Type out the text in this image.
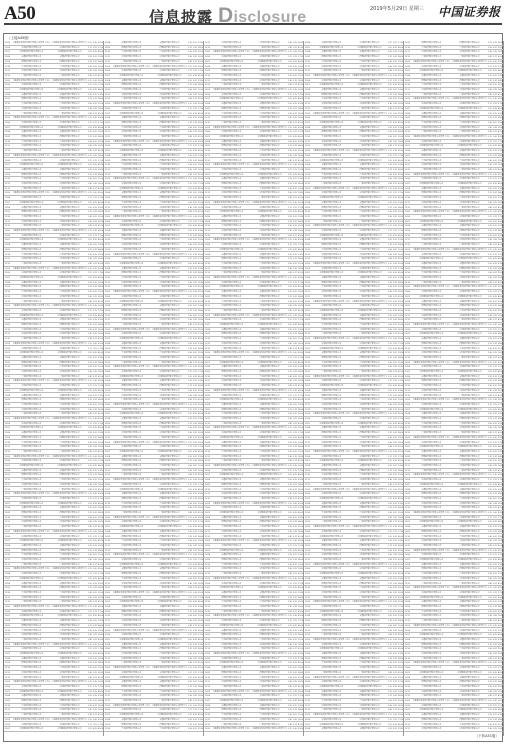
A50	信息披露 Disclosure	2019年5月29日 星期三 中国证券报
（上接A49版）
1205	上海浦东发展银行股份有限公司信用卡中心 上海浦东发展银行股份有限公司信用卡中心
2.1 5.5 59.0
1206	中国银行股份有限公司	中国银行股份有限公司	1.1 3.7 17.0
1207	中国建设银行股份有限公司	中国建设银行股份有限公司	3.1 4.9 45.0
1208	交通银行股份有限公司	交通银行股份有限公司	2.3 6.1 23.5
1209	招商银行股份有限公司	招商银行股份有限公司	1.9 5.2 38.0
1210	兴业银行股份有限公司	兴业银行股份有限公司	2.6 4.1 29.0
1211	中信银行股份有限公司	中信银行股份有限公司	1.4 3.9 16.5
1212	广发银行股份有限公司	广发银行股份有限公司	2.8 5.7 41.0
1205	上海浦东发展银行股份有限公司信用卡中心 上海浦东发展银行股份有限公司信用卡中心
2.1 5.5 59.0
1206	中国银行股份有限公司	中国银行股份有限公司	1.1 3.7 17.0
1207	中国建设银行股份有限公司	中国建设银行股份有限公司	3.1 4.9 45.0
1208	交通银行股份有限公司	交通银行股份有限公司	2.3 6.1 23.5
1209	招商银行股份有限公司	招商银行股份有限公司	1.9 5.2 38.0
1210	兴业银行股份有限公司	兴业银行股份有限公司	2.6 4.1 29.0
1211	中信银行股份有限公司	中信银行股份有限公司	1.4 3.9 16.5
1212	广发银行股份有限公司	广发银行股份有限公司	2.8 5.7 41.0
1205	上海浦东发展银行股份有限公司信用卡中心 上海浦东发展银行股份有限公司信用卡中心
2.1 5.5 59.0
1206	中国银行股份有限公司	中国银行股份有限公司	1.1 3.7 17.0
1207	中国建设银行股份有限公司	中国建设银行股份有限公司	3.1 4.9 45.0
1208	交通银行股份有限公司	交通银行股份有限公司	2.3 6.1 23.5
1209	招商银行股份有限公司	招商银行股份有限公司	1.9 5.2 38.0
1210	兴业银行股份有限公司	兴业银行股份有限公司	2.6 4.1 29.0
1211	中信银行股份有限公司	中信银行股份有限公司	1.4 3.9 16.5
1212	广发银行股份有限公司	广发银行股份有限公司	2.8 5.7 41.0
1205	上海浦东发展银行股份有限公司信用卡中心 上海浦东发展银行股份有限公司信用卡中心
2.1 5.5 59.0
1206	中国银行股份有限公司	中国银行股份有限公司	1.1 3.7 17.0
1207	中国建设银行股份有限公司	中国建设银行股份有限公司	3.1 4.9 45.0
1208	交通银行股份有限公司	交通银行股份有限公司	2.3 6.1 23.5
1209	招商银行股份有限公司	招商银行股份有限公司	1.9 5.2 38.0
1210	兴业银行股份有限公司	兴业银行股份有限公司	2.6 4.1 29.0
1211	中信银行股份有限公司	中信银行股份有限公司	1.4 3.9 16.5
1212	广发银行股份有限公司	广发银行股份有限公司	2.8 5.7 41.0
1205	上海浦东发展银行股份有限公司信用卡中心 上海浦东发展银行股份有限公司信用卡中心
2.1 5.5 59.0
1206	中国银行股份有限公司	中国银行股份有限公司	1.1 3.7 17.0
1207	中国建设银行股份有限公司	中国建设银行股份有限公司	3.1 4.9 45.0
1208	交通银行股份有限公司	交通银行股份有限公司	2.3 6.1 23.5
1209	招商银行股份有限公司	招商银行股份有限公司	1.9 5.2 38.0
1210	兴业银行股份有限公司	兴业银行股份有限公司	2.6 4.1 29.0
1211	中信银行股份有限公司	中信银行股份有限公司	1.4 3.9 16.5
1212	广发银行股份有限公司	广发银行股份有限公司	2.8 5.7 41.0
1205	上海浦东发展银行股份有限公司信用卡中心 上海浦东发展银行股份有限公司信用卡中心
2.1 5.5 59.0
1206	中国银行股份有限公司	中国银行股份有限公司	1.1 3.7 17.0
1207	中国建设银行股份有限公司	中国建设银行股份有限公司	3.1 4.9 45.0
1208	交通银行股份有限公司	交通银行股份有限公司	2.3 6.1 23.5
1209	招商银行股份有限公司	招商银行股份有限公司	1.9 5.2 38.0
1210	兴业银行股份有限公司	兴业银行股份有限公司	2.6 4.1 29.0
1211	中信银行股份有限公司	中信银行股份有限公司	1.4 3.9 16.5
1212	广发银行股份有限公司	广发银行股份有限公司	2.8 5.7 41.0
1205	上海浦东发展银行股份有限公司信用卡中心 上海浦东发展银行股份有限公司信用卡中心
2.1 5.5 59.0
1206	中国银行股份有限公司	中国银行股份有限公司	1.1 3.7 17.0
1207	中国建设银行股份有限公司	中国建设银行股份有限公司	3.1 4.9 45.0
1208	交通银行股份有限公司	交通银行股份有限公司	2.3 6.1 23.5
1209	招商银行股份有限公司	招商银行股份有限公司	1.9 5.2 38.0
1210	兴业银行股份有限公司	兴业银行股份有限公司	2.6 4.1 29.0
1211	中信银行股份有限公司	中信银行股份有限公司	1.4 3.9 16.5
1212	广发银行股份有限公司	广发银行股份有限公司	2.8 5.7 41.0
1205	上海浦东发展银行股份有限公司信用卡中心 上海浦东发展银行股份有限公司信用卡中心
2.1 5.5 59.0
1206	中国银行股份有限公司	中国银行股份有限公司	1.1 3.7 17.0
1207	中国建设银行股份有限公司	中国建设银行股份有限公司	3.1 4.9 45.0
1208	交通银行股份有限公司	交通银行股份有限公司	2.3 6.1 23.5
1209	招商银行股份有限公司	招商银行股份有限公司	1.9 5.2 38.0
1210	兴业银行股份有限公司	兴业银行股份有限公司	2.6 4.1 29.0
1211	中信银行股份有限公司	中信银行股份有限公司	1.4 3.9 16.5
1212	广发银行股份有限公司	广发银行股份有限公司	2.8 5.7 41.0
1205	上海浦东发展银行股份有限公司信用卡中心 上海浦东发展银行股份有限公司信用卡中心
2.1 5.5 59.0
1206	中国银行股份有限公司	中国银行股份有限公司	1.1 3.7 17.0
1207	中国建设银行股份有限公司	中国建设银行股份有限公司	3.1 4.9 45.0
1208	交通银行股份有限公司	交通银行股份有限公司	2.3 6.1 23.5
1209	招商银行股份有限公司	招商银行股份有限公司	1.9 5.2 38.0
1210	兴业银行股份有限公司	兴业银行股份有限公司	2.6 4.1 29.0
1211	中信银行股份有限公司	中信银行股份有限公司	1.4 3.9 16.5
1212	广发银行股份有限公司	广发银行股份有限公司	2.8 5.7 41.0
1205	上海浦东发展银行股份有限公司信用卡中心 上海浦东发展银行股份有限公司信用卡中心
2.1 5.5 59.0
1206	中国银行股份有限公司	中国银行股份有限公司	1.1 3.7 17.0
1207	中国建设银行股份有限公司	中国建设银行股份有限公司	3.1 4.9 45.0
1208	交通银行股份有限公司	交通银行股份有限公司	2.3 6.1 23.5
1209	招商银行股份有限公司	招商银行股份有限公司	1.9 5.2 38.0
1210	兴业银行股份有限公司	兴业银行股份有限公司	2.6 4.1 29.0
1211	中信银行股份有限公司	中信银行股份有限公司	1.4 3.9 16.5
1212	广发银行股份有限公司	广发银行股份有限公司	2.8 5.7 41.0
1205	上海浦东发展银行股份有限公司信用卡中心 上海浦东发展银行股份有限公司信用卡中心
2.1 5.5 59.0
1206	中国银行股份有限公司	中国银行股份有限公司	1.1 3.7 17.0
1207	中国建设银行股份有限公司	中国建设银行股份有限公司	3.1 4.9 45.0
1208	交通银行股份有限公司	交通银行股份有限公司	2.3 6.1 23.5
1209	招商银行股份有限公司	招商银行股份有限公司	1.9 5.2 38.0
1210	兴业银行股份有限公司	兴业银行股份有限公司	2.6 4.1 29.0
1211	中信银行股份有限公司	中信银行股份有限公司	1.4 3.9 16.5
1212	广发银行股份有限公司	广发银行股份有限公司	2.8 5.7 41.0
1205	上海浦东发展银行股份有限公司信用卡中心 上海浦东发展银行股份有限公司信用卡中心
2.1 5.5 59.0
1206	中国银行股份有限公司	中国银行股份有限公司	1.1 3.7 17.0
1207	中国建设银行股份有限公司	中国建设银行股份有限公司	3.1 4.9 45.0
1208	交通银行股份有限公司	交通银行股份有限公司	2.3 6.1 23.5
1209	招商银行股份有限公司	招商银行股份有限公司	1.9 5.2 38.0
1210	兴业银行股份有限公司	兴业银行股份有限公司	2.6 4.1 29.0
1211	中信银行股份有限公司	中信银行股份有限公司	1.4 3.9 16.5
1212	广发银行股份有限公司	广发银行股份有限公司	2.8 5.7 41.0
1205	上海浦东发展银行股份有限公司信用卡中心 上海浦东发展银行股份有限公司信用卡中心
2.1 5.5 59.0
1206	中国银行股份有限公司	中国银行股份有限公司	1.1 3.7 17.0
1207	中国建设银行股份有限公司	中国建设银行股份有限公司	3.1 4.9 45.0
1208	交通银行股份有限公司	交通银行股份有限公司	2.3 6.1 23.5
1209	招商银行股份有限公司	招商银行股份有限公司	1.9 5.2 38.0
1210	兴业银行股份有限公司	兴业银行股份有限公司	2.6 4.1 29.0
1211	中信银行股份有限公司	中信银行股份有限公司	1.4 3.9 16.5
1212	广发银行股份有限公司	广发银行股份有限公司	2.8 5.7 41.0
1205	上海浦东发展银行股份有限公司信用卡中心 上海浦东发展银行股份有限公司信用卡中心
2.1 5.5 59.0
1206	中国银行股份有限公司	中国银行股份有限公司	1.1 3.7 17.0
1207	中国建设银行股份有限公司	中国建设银行股份有限公司	3.1 4.9 45.0
1208	交通银行股份有限公司	交通银行股份有限公司	2.3 6.1 23.5
1209	招商银行股份有限公司	招商银行股份有限公司	1.9 5.2 38.0
1210	兴业银行股份有限公司	兴业银行股份有限公司	2.6 4.1 29.0
1211	中信银行股份有限公司	中信银行股份有限公司	1.4 3.9 16.5
1212	广发银行股份有限公司	广发银行股份有限公司	2.8 5.7 41.0
1205	上海浦东发展银行股份有限公司信用卡中心 上海浦东发展银行股份有限公司信用卡中心
2.1 5.5 59.0
1206	中国银行股份有限公司	中国银行股份有限公司	1.1 3.7 17.0
1207	中国建设银行股份有限公司	中国建设银行股份有限公司	3.1 4.9 45.0
1208	交通银行股份有限公司	交通银行股份有限公司	2.3 6.1 23.5
1209	招商银行股份有限公司	招商银行股份有限公司	1.9 5.2 38.0
1210	兴业银行股份有限公司	兴业银行股份有限公司	2.6 4.1 29.0
1211	中信银行股份有限公司	中信银行股份有限公司	1.4 3.9 16.5
1212	广发银行股份有限公司	广发银行股份有限公司	2.8 5.7 41.0
1205	上海浦东发展银行股份有限公司信用卡中心 上海浦东发展银行股份有限公司信用卡中心
2.1 5.5 59.0
1206	中国银行股份有限公司	中国银行股份有限公司	1.1 3.7 17.0
1207	中国建设银行股份有限公司	中国建设银行股份有限公司	3.1 4.9 45.0
1208	交通银行股份有限公司	交通银行股份有限公司	2.3 6.1 23.5
1209	招商银行股份有限公司	招商银行股份有限公司	1.9 5.2 38.0
1210	兴业银行股份有限公司	兴业银行股份有限公司	2.6 4.1 29.0
1211	中信银行股份有限公司	中信银行股份有限公司	1.4 3.9 16.5
1212	广发银行股份有限公司	广发银行股份有限公司	2.8 5.7 41.0
1205	上海浦东发展银行股份有限公司信用卡中心 上海浦东发展银行股份有限公司信用卡中心
2.1 5.5 59.0
1206	中国银行股份有限公司	中国银行股份有限公司	1.1 3.7 17.0
1207	中国建设银行股份有限公司	中国建设银行股份有限公司	3.1 4.9 45.0
1208	交通银行股份有限公司	交通银行股份有限公司	2.3 6.1 23.5
1209	招商银行股份有限公司	招商银行股份有限公司	1.9 5.2 38.0
1210	兴业银行股份有限公司	兴业银行股份有限公司	2.6 4.1 29.0
1211	中信银行股份有限公司	中信银行股份有限公司	1.4 3.9 16.5
1212	广发银行股份有限公司	广发银行股份有限公司	2.8 5.7 41.0
1205	上海浦东发展银行股份有限公司信用卡中心 上海浦东发展银行股份有限公司信用卡中心
2.1 5.5 59.0
1206	中国银行股份有限公司	中国银行股份有限公司	1.1 3.7 17.0
1207	中国建设银行股份有限公司	中国建设银行股份有限公司	3.1 4.9 45.0
1208	交通银行股份有限公司	交通银行股份有限公司	2.3 6.1 23.5
1209	招商银行股份有限公司	招商银行股份有限公司	1.9 5.2 38.0
1210	兴业银行股份有限公司	兴业银行股份有限公司	2.6 4.1 29.0
1211	中信银行股份有限公司	中信银行股份有限公司	1.4 3.9 16.5
1212	广发银行股份有限公司	广发银行股份有限公司	2.8 5.7 41.0
1205	上海浦东发展银行股份有限公司信用卡中心 上海浦东发展银行股份有限公司信用卡中心
2.1 5.5 59.0
1206	中国银行股份有限公司	中国银行股份有限公司	1.1 3.7 17.0
1207	中国建设银行股份有限公司	中国建设银行股份有限公司	3.1 4.9 45.0
1208	交通银行股份有限公司	交通银行股份有限公司	2.3 6.1 23.5
1209	招商银行股份有限公司	招商银行股份有限公司	1.9 5.2 38.0
1210	兴业银行股份有限公司	兴业银行股份有限公司	2.6 4.1 29.0
1211	中信银行股份有限公司	中信银行股份有限公司	1.4 3.9 16.5
1212	广发银行股份有限公司	广发银行股份有限公司	2.8 5.7 41.0
1205	上海浦东发展银行股份有限公司信用卡中心 上海浦东发展银行股份有限公司信用卡中心
2.1 5.5 59.0
1206	中国银行股份有限公司	中国银行股份有限公司	1.1 3.7 17.0
1207	中国建设银行股份有限公司	中国建设银行股份有限公司	3.1 4.9 45.0
1208	交通银行股份有限公司	交通银行股份有限公司	2.3 6.1 23.5
1209	招商银行股份有限公司	招商银行股份有限公司	1.9 5.2 38.0
1210	兴业银行股份有限公司	兴业银行股份有限公司	2.6 4.1 29.0
1211	中信银行股份有限公司	中信银行股份有限公司	1.4 3.9 16.5
1212	广发银行股份有限公司	广发银行股份有限公司	2.8 5.7 41.0
1205	上海浦东发展银行股份有限公司信用卡中心 上海浦东发展银行股份有限公司信用卡中心
2.1 5.5 59.0
1206	中国银行股份有限公司	中国银行股份有限公司	1.1 3.7 17.0
1207	中国建设银行股份有限公司	中国建设银行股份有限公司	3.1 4.9 45.0
1208	交通银行股份有限公司	交通银行股份有限公司	2.3 6.1 23.5
1209	招商银行股份有限公司	招商银行股份有限公司	1.9 5.2 38.0
1210	兴业银行股份有限公司	兴业银行股份有限公司	2.6 4.1 29.0
1211	中信银行股份有限公司	中信银行股份有限公司	1.4 3.9 16.5
1212	广发银行股份有限公司	广发银行股份有限公司	2.8 5.7 41.0
1205	上海浦东发展银行股份有限公司信用卡中心 上海浦东发展银行股份有限公司信用卡中心
2.1 5.5 59.0
1206	中国银行股份有限公司	中国银行股份有限公司	1.1 3.7 17.0
1207	中国建设银行股份有限公司	中国建设银行股份有限公司	3.1 4.9 45.0
1208	交通银行股份有限公司	交通银行股份有限公司	2.3 6.1 23.5
1209	招商银行股份有限公司	招商银行股份有限公司	1.9 5.2 38.0
1210	兴业银行股份有限公司	兴业银行股份有限公司	2.6 4.1 29.0
1211	中信银行股份有限公司	中信银行股份有限公司	1.4 3.9 16.5
1212	广发银行股份有限公司	广发银行股份有限公司	2.8 5.7 41.0
1205	上海浦东发展银行股份有限公司信用卡中心 上海浦东发展银行股份有限公司信用卡中心
2.1 5.5 59.0
1206	中国银行股份有限公司	中国银行股份有限公司	1.1 3.7 17.0
1207	中国建设银行股份有限公司	中国建设银行股份有限公司	3.1 4.9 45.0
1208	交通银行股份有限公司	交通银行股份有限公司	2.3 6.1 23.5
1209	招商银行股份有限公司	招商银行股份有限公司	1.9 5.2 38.0
1210	兴业银行股份有限公司	兴业银行股份有限公司	2.6 4.1 29.0
1211	中信银行股份有限公司	中信银行股份有限公司	1.4 3.9 16.5
1212	广发银行股份有限公司	广发银行股份有限公司	2.8 5.7 41.0
1205	上海浦东发展银行股份有限公司信用卡中心 上海浦东发展银行股份有限公司信用卡中心
2.1 5.5 59.0
1206	中国银行股份有限公司	中国银行股份有限公司	1.1 3.7 17.0
1207	中国建设银行股份有限公司	中国建设银行股份有限公司	3.1 4.9 45.0
1208	交通银行股份有限公司	交通银行股份有限公司	2.3 6.1 23.5
1209	招商银行股份有限公司	招商银行股份有限公司	1.9 5.2 38.0
1210	兴业银行股份有限公司	兴业银行股份有限公司	2.6 4.1 29.0
1211	中信银行股份有限公司	中信银行股份有限公司	1.4 3.9 16.5
1212	广发银行股份有限公司	广发银行股份有限公司	2.8 5.7 41.0
1205	上海浦东发展银行股份有限公司信用卡中心 上海浦东发展银行股份有限公司信用卡中心
2.1 5.5 59.0
1206	中国银行股份有限公司	中国银行股份有限公司	1.1 3.7 17.0
1207	中国建设银行股份有限公司	中国建设银行股份有限公司	3.1 4.9 45.0
1208	交通银行股份有限公司	交通银行股份有限公司	2.3 6.1 23.5
1209	招商银行股份有限公司	招商银行股份有限公司	1.9 5.2 38.0
1210	兴业银行股份有限公司	兴业银行股份有限公司	2.6 4.1 29.0
1211	中信银行股份有限公司	中信银行股份有限公司	1.4 3.9 16.5
1212	广发银行股份有限公司	广发银行股份有限公司	2.8 5.7 41.0
1205	上海浦东发展银行股份有限公司信用卡中心 上海浦东发展银行股份有限公司信用卡中心
2.1 5.5 59.0
1206	中国银行股份有限公司	中国银行股份有限公司	1.1 3.7 17.0
1207	中国建设银行股份有限公司	中国建设银行股份有限公司	3.1 4.9 45.0
1208	交通银行股份有限公司	交通银行股份有限公司	2.3 6.1 23.5
1209	招商银行股份有限公司	招商银行股份有限公司	1.9 5.2 38.0
1210	兴业银行股份有限公司	兴业银行股份有限公司	2.6 4.1 29.0
1211	中信银行股份有限公司	中信银行股份有限公司	1.4 3.9 16.5
1212	广发银行股份有限公司	广发银行股份有限公司	2.8 5.7 41.0
1205	上海浦东发展银行股份有限公司信用卡中心 上海浦东发展银行股份有限公司信用卡中心
2.1 5.5 59.0
1206	中国银行股份有限公司	中国银行股份有限公司	1.1 3.7 17.0
1207	中国建设银行股份有限公司	中国建设银行股份有限公司	3.1 4.9 45.0
1208	交通银行股份有限公司	交通银行股份有限公司	2.3 6.1 23.5
1209	招商银行股份有限公司	招商银行股份有限公司	1.9 5.2 38.0
1210	兴业银行股份有限公司	兴业银行股份有限公司	2.6 4.1 29.0
1211	中信银行股份有限公司	中信银行股份有限公司	1.4 3.9 16.5
1212	广发银行股份有限公司	广发银行股份有限公司	2.8 5.7 41.0
1205	上海浦东发展银行股份有限公司信用卡中心 上海浦东发展银行股份有限公司信用卡中心
2.1 5.5 59.0
1206	中国银行股份有限公司	中国银行股份有限公司	1.1 3.7 17.0
1207	中国建设银行股份有限公司	中国建设银行股份有限公司	3.1 4.9 45.0
1208	交通银行股份有限公司	交通银行股份有限公司	2.3 6.1 23.5
1209	招商银行股份有限公司	招商银行股份有限公司	1.9 5.2 38.0
1210	兴业银行股份有限公司	兴业银行股份有限公司	2.6 4.1 29.0
1211	中信银行股份有限公司	中信银行股份有限公司	1.4 3.9 16.5
1212	广发银行股份有限公司	广发银行股份有限公司	2.8 5.7 41.0
1205	上海浦东发展银行股份有限公司信用卡中心 上海浦东发展银行股份有限公司信用卡中心
2.1 5.5 59.0
1206	中国银行股份有限公司	中国银行股份有限公司	1.1 3.7 17.0
1207	中国建设银行股份有限公司	中国建设银行股份有限公司	3.1 4.9 45.0
1208	交通银行股份有限公司	交通银行股份有限公司	2.3 6.1 23.5
1209	招商银行股份有限公司	招商银行股份有限公司	1.9 5.2 38.0
1210	兴业银行股份有限公司	兴业银行股份有限公司	2.6 4.1 29.0
1211	中信银行股份有限公司	中信银行股份有限公司	1.4 3.9 16.5
1212	广发银行股份有限公司	广发银行股份有限公司	2.8 5.7 41.0
1205	上海浦东发展银行股份有限公司信用卡中心 上海浦东发展银行股份有限公司信用卡中心
2.1 5.5 59.0
1206	中国银行股份有限公司	中国银行股份有限公司	1.1 3.7 17.0
1207	中国建设银行股份有限公司	中国建设银行股份有限公司	3.1 4.9 45.0
1208	交通银行股份有限公司	交通银行股份有限公司	2.3 6.1 23.5
1209	招商银行股份有限公司	招商银行股份有限公司	1.9 5.2 38.0
1210	兴业银行股份有限公司	兴业银行股份有限公司	2.6 4.1 29.0
1211	中信银行股份有限公司	中信银行股份有限公司	1.4 3.9 16.5
1212	广发银行股份有限公司	广发银行股份有限公司	2.8 5.7 41.0
1205	上海浦东发展银行股份有限公司信用卡中心 上海浦东发展银行股份有限公司信用卡中心
2.1 5.5 59.0
1206	中国银行股份有限公司	中国银行股份有限公司	1.1 3.7 17.0
1207	中国建设银行股份有限公司	中国建设银行股份有限公司	3.1 4.9 45.0
1208	交通银行股份有限公司	交通银行股份有限公司	2.3 6.1 23.5
1209	招商银行股份有限公司	招商银行股份有限公司	1.9 5.2 38.0
1210	兴业银行股份有限公司	兴业银行股份有限公司	2.6 4.1 29.0
1211	中信银行股份有限公司	中信银行股份有限公司	1.4 3.9 16.5
1212	广发银行股份有限公司	广发银行股份有限公司	2.8 5.7 41.0
1205	上海浦东发展银行股份有限公司信用卡中心 上海浦东发展银行股份有限公司信用卡中心
2.1 5.5 59.0
1206	中国银行股份有限公司	中国银行股份有限公司	1.1 3.7 17.0
1207	中国建设银行股份有限公司	中国建设银行股份有限公司	3.1 4.9 45.0
1208	交通银行股份有限公司	交通银行股份有限公司	2.3 6.1 23.5
1209	招商银行股份有限公司	招商银行股份有限公司	1.9 5.2 38.0
1210	兴业银行股份有限公司	兴业银行股份有限公司	2.6 4.1 29.0
1211	中信银行股份有限公司	中信银行股份有限公司	1.4 3.9 16.5
1212	广发银行股份有限公司	广发银行股份有限公司	2.8 5.7 41.0
1205	上海浦东发展银行股份有限公司信用卡中心 上海浦东发展银行股份有限公司信用卡中心
2.1 5.5 59.0
1206	中国银行股份有限公司	中国银行股份有限公司	1.1 3.7 17.0
1207	中国建设银行股份有限公司	中国建设银行股份有限公司	3.1 4.9 45.0
1208	交通银行股份有限公司	交通银行股份有限公司	2.3 6.1 23.5
1209	招商银行股份有限公司	招商银行股份有限公司	1.9 5.2 38.0
1210	兴业银行股份有限公司	兴业银行股份有限公司	2.6 4.1 29.0
1211	中信银行股份有限公司	中信银行股份有限公司	1.4 3.9 16.5
1212	广发银行股份有限公司	广发银行股份有限公司	2.8 5.7 41.0
1205	上海浦东发展银行股份有限公司信用卡中心 上海浦东发展银行股份有限公司信用卡中心
2.1 5.5 59.0
1206	中国银行股份有限公司	中国银行股份有限公司	1.1 3.7 17.0
1207	中国建设银行股份有限公司	中国建设银行股份有限公司	3.1 4.9 45.0
1208	交通银行股份有限公司	交通银行股份有限公司	2.3 6.1 23.5
1209	招商银行股份有限公司	招商银行股份有限公司	1.9 5.2 38.0
1210	兴业银行股份有限公司	兴业银行股份有限公司	2.6 4.1 29.0
1211	中信银行股份有限公司	中信银行股份有限公司	1.4 3.9 16.5
1212	广发银行股份有限公司	广发银行股份有限公司	2.8 5.7 41.0
1205	上海浦东发展银行股份有限公司信用卡中心 上海浦东发展银行股份有限公司信用卡中心
2.1 5.5 59.0
1206	中国银行股份有限公司	中国银行股份有限公司	1.1 3.7 17.0
1207	中国建设银行股份有限公司	中国建设银行股份有限公司	3.1 4.9 45.0
1208	交通银行股份有限公司	交通银行股份有限公司	2.3 6.1 23.5
1209	招商银行股份有限公司	招商银行股份有限公司	1.9 5.2 38.0
1210	兴业银行股份有限公司	兴业银行股份有限公司	2.6 4.1 29.0
1211	中信银行股份有限公司	中信银行股份有限公司	1.4 3.9 16.5
1212	广发银行股份有限公司	广发银行股份有限公司	2.8 5.7 41.0
1205	上海浦东发展银行股份有限公司信用卡中心 上海浦东发展银行股份有限公司信用卡中心
2.1 5.5 59.0
1206	中国银行股份有限公司	中国银行股份有限公司	1.1 3.7 17.0
1207	中国建设银行股份有限公司	中国建设银行股份有限公司	3.1 4.9 45.0
1208	交通银行股份有限公司	交通银行股份有限公司	2.3 6.1 23.5
1209	招商银行股份有限公司	招商银行股份有限公司	1.9 5.2 38.0
1210	兴业银行股份有限公司	兴业银行股份有限公司	2.6 4.1 29.0
1211	中信银行股份有限公司	中信银行股份有限公司	1.4 3.9 16.5
1212	广发银行股份有限公司	广发银行股份有限公司	2.8 5.7 41.0
1205	上海浦东发展银行股份有限公司信用卡中心 上海浦东发展银行股份有限公司信用卡中心
2.1 5.5 59.0
1206	中国银行股份有限公司	中国银行股份有限公司	1.1 3.7 17.0
1207	中国建设银行股份有限公司	中国建设银行股份有限公司	3.1 4.9 45.0
1208	交通银行股份有限公司	交通银行股份有限公司	2.3 6.1 23.5
1209	招商银行股份有限公司	招商银行股份有限公司	1.9 5.2 38.0
1210	兴业银行股份有限公司	兴业银行股份有限公司	2.6 4.1 29.0
1211	中信银行股份有限公司	中信银行股份有限公司	1.4 3.9 16.5
1212	广发银行股份有限公司	广发银行股份有限公司	2.8 5.7 41.0
1205	上海浦东发展银行股份有限公司信用卡中心 上海浦东发展银行股份有限公司信用卡中心
2.1 5.5 59.0
1206	中国银行股份有限公司	中国银行股份有限公司	1.1 3.7 17.0
1207	中国建设银行股份有限公司	中国建设银行股份有限公司	3.1 4.9 45.0
1208	交通银行股份有限公司	交通银行股份有限公司	2.3 6.1 23.5
1209	招商银行股份有限公司	招商银行股份有限公司	1.9 5.2 38.0
1210	兴业银行股份有限公司	兴业银行股份有限公司	2.6 4.1 29.0
1211	中信银行股份有限公司	中信银行股份有限公司	1.4 3.9 16.5
1212	广发银行股份有限公司	广发银行股份有限公司	2.8 5.7 41.0
1205	上海浦东发展银行股份有限公司信用卡中心 上海浦东发展银行股份有限公司信用卡中心
2.1 5.5 59.0
1206	中国银行股份有限公司	中国银行股份有限公司	1.1 3.7 17.0
1207	中国建设银行股份有限公司	中国建设银行股份有限公司	3.1 4.9 45.0
1208	交通银行股份有限公司	交通银行股份有限公司	2.3 6.1 23.5
1209	招商银行股份有限公司	招商银行股份有限公司	1.9 5.2 38.0
1210	兴业银行股份有限公司	兴业银行股份有限公司	2.6 4.1 29.0
1211	中信银行股份有限公司	中信银行股份有限公司	1.4 3.9 16.5
1212	广发银行股份有限公司	广发银行股份有限公司	2.8 5.7 41.0
1205	上海浦东发展银行股份有限公司信用卡中心 上海浦东发展银行股份有限公司信用卡中心
2.1 5.5 59.0
1206	中国银行股份有限公司	中国银行股份有限公司	1.1 3.7 17.0
1207	中国建设银行股份有限公司	中国建设银行股份有限公司	3.1 4.9 45.0
1208	交通银行股份有限公司	交通银行股份有限公司	2.3 6.1 23.5
1209	招商银行股份有限公司	招商银行股份有限公司	1.9 5.2 38.0
1210	兴业银行股份有限公司	兴业银行股份有限公司	2.6 4.1 29.0
1211	中信银行股份有限公司	中信银行股份有限公司	1.4 3.9 16.5
1212	广发银行股份有限公司	广发银行股份有限公司	2.8 5.7 41.0
1205	上海浦东发展银行股份有限公司信用卡中心 上海浦东发展银行股份有限公司信用卡中心
2.1 5.5 59.0
1206	中国银行股份有限公司	中国银行股份有限公司	1.1 3.7 17.0
1207	中国建设银行股份有限公司	中国建设银行股份有限公司	3.1 4.9 45.0
1208	交通银行股份有限公司	交通银行股份有限公司	2.3 6.1 23.5
1209	招商银行股份有限公司	招商银行股份有限公司	1.9 5.2 38.0
1210	兴业银行股份有限公司	兴业银行股份有限公司	2.6 4.1 29.0
1211	中信银行股份有限公司	中信银行股份有限公司	1.4 3.9 16.5
1212	广发银行股份有限公司	广发银行股份有限公司	2.8 5.7 41.0
1205	上海浦东发展银行股份有限公司信用卡中心 上海浦东发展银行股份有限公司信用卡中心
2.1 5.5 59.0
1206	中国银行股份有限公司	中国银行股份有限公司	1.1 3.7 17.0
1207	中国建设银行股份有限公司	中国建设银行股份有限公司	3.1 4.9 45.0
1208	交通银行股份有限公司	交通银行股份有限公司	2.3 6.1 23.5
1209	招商银行股份有限公司	招商银行股份有限公司	1.9 5.2 38.0
1210	兴业银行股份有限公司	兴业银行股份有限公司	2.6 4.1 29.0
1211	中信银行股份有限公司	中信银行股份有限公司	1.4 3.9 16.5
1212	广发银行股份有限公司	广发银行股份有限公司	2.8 5.7 41.0
1205	上海浦东发展银行股份有限公司信用卡中心 上海浦东发展银行股份有限公司信用卡中心
2.1 5.5 59.0
1206	中国银行股份有限公司	中国银行股份有限公司	1.1 3.7 17.0
1207	中国建设银行股份有限公司	中国建设银行股份有限公司	3.1 4.9 45.0
1208	交通银行股份有限公司	交通银行股份有限公司	2.3 6.1 23.5
1209	招商银行股份有限公司	招商银行股份有限公司	1.9 5.2 38.0
1210	兴业银行股份有限公司	兴业银行股份有限公司	2.6 4.1 29.0
1211	中信银行股份有限公司	中信银行股份有限公司	1.4 3.9 16.5
1212	广发银行股份有限公司	广发银行股份有限公司	2.8 5.7 41.0
1205	上海浦东发展银行股份有限公司信用卡中心 上海浦东发展银行股份有限公司信用卡中心
2.1 5.5 59.0
1206	中国银行股份有限公司	中国银行股份有限公司	1.1 3.7 17.0
1207	中国建设银行股份有限公司	中国建设银行股份有限公司	3.1 4.9 45.0
1208	交通银行股份有限公司	交通银行股份有限公司	2.3 6.1 23.5
1209	招商银行股份有限公司	招商银行股份有限公司	1.9 5.2 38.0
1210	兴业银行股份有限公司	兴业银行股份有限公司	2.6 4.1 29.0
1211	中信银行股份有限公司	中信银行股份有限公司	1.4 3.9 16.5
1212	广发银行股份有限公司	广发银行股份有限公司	2.8 5.7 41.0
1205	上海浦东发展银行股份有限公司信用卡中心 上海浦东发展银行股份有限公司信用卡中心
2.1 5.5 59.0
1206	中国银行股份有限公司	中国银行股份有限公司	1.1 3.7 17.0
1207	中国建设银行股份有限公司	中国建设银行股份有限公司	3.1 4.9 45.0
1208	交通银行股份有限公司	交通银行股份有限公司	2.3 6.1 23.5
1209	招商银行股份有限公司	招商银行股份有限公司	1.9 5.2 38.0
1210	兴业银行股份有限公司	兴业银行股份有限公司	2.6 4.1 29.0
1211	中信银行股份有限公司	中信银行股份有限公司	1.4 3.9 16.5
1212	广发银行股份有限公司	广发银行股份有限公司	2.8 5.7 41.0
1205	上海浦东发展银行股份有限公司信用卡中心 上海浦东发展银行股份有限公司信用卡中心
2.1 5.5 59.0
1206	中国银行股份有限公司	中国银行股份有限公司	1.1 3.7 17.0
1207	中国建设银行股份有限公司	中国建设银行股份有限公司	3.1 4.9 45.0
1208	交通银行股份有限公司	交通银行股份有限公司	2.3 6.1 23.5
1209	招商银行股份有限公司	招商银行股份有限公司	1.9 5.2 38.0
1210	兴业银行股份有限公司	兴业银行股份有限公司	2.6 4.1 29.0
1211	中信银行股份有限公司	中信银行股份有限公司	1.4 3.9 16.5
1212	广发银行股份有限公司	广发银行股份有限公司	2.8 5.7 41.0
1205	上海浦东发展银行股份有限公司信用卡中心 上海浦东发展银行股份有限公司信用卡中心
2.1 5.5 59.0
1206	中国银行股份有限公司	中国银行股份有限公司	1.1 3.7 17.0
1207	中国建设银行股份有限公司	中国建设银行股份有限公司	3.1 4.9 45.0
1208	交通银行股份有限公司	交通银行股份有限公司	2.3 6.1 23.5
1209	招商银行股份有限公司	招商银行股份有限公司	1.9 5.2 38.0
1210	兴业银行股份有限公司	兴业银行股份有限公司	2.6 4.1 29.0
1211	中信银行股份有限公司	中信银行股份有限公司	1.4 3.9 16.5
1212	广发银行股份有限公司	广发银行股份有限公司	2.8 5.7 41.0
1205	上海浦东发展银行股份有限公司信用卡中心 上海浦东发展银行股份有限公司信用卡中心
2.1 5.5 59.0
1206	中国银行股份有限公司	中国银行股份有限公司	1.1 3.7 17.0
1207	中国建设银行股份有限公司	中国建设银行股份有限公司	3.1 4.9 45.0
1208	交通银行股份有限公司	交通银行股份有限公司	2.3 6.1 23.5
1209	招商银行股份有限公司	招商银行股份有限公司	1.9 5.2 38.0
1210	兴业银行股份有限公司	兴业银行股份有限公司	2.6 4.1 29.0
1211	中信银行股份有限公司	中信银行股份有限公司	1.4 3.9 16.5
1212	广发银行股份有限公司	广发银行股份有限公司	2.8 5.7 41.0
1205	上海浦东发展银行股份有限公司信用卡中心 上海浦东发展银行股份有限公司信用卡中心
2.1 5.5 59.0
1206	中国银行股份有限公司	中国银行股份有限公司	1.1 3.7 17.0
1207	中国建设银行股份有限公司	中国建设银行股份有限公司	3.1 4.9 45.0
1208	交通银行股份有限公司	交通银行股份有限公司	2.3 6.1 23.5
1209	招商银行股份有限公司	招商银行股份有限公司	1.9 5.2 38.0
1210	兴业银行股份有限公司	兴业银行股份有限公司	2.6 4.1 29.0
1211	中信银行股份有限公司	中信银行股份有限公司	1.4 3.9 16.5
1212	广发银行股份有限公司	广发银行股份有限公司	2.8 5.7 41.0
1205	上海浦东发展银行股份有限公司信用卡中心 上海浦东发展银行股份有限公司信用卡中心
2.1 5.5 59.0
1206	中国银行股份有限公司	中国银行股份有限公司	1.1 3.7 17.0
1207	中国建设银行股份有限公司	中国建设银行股份有限公司	3.1 4.9 45.0
1208	交通银行股份有限公司	交通银行股份有限公司	2.3 6.1 23.5
1209	招商银行股份有限公司	招商银行股份有限公司	1.9 5.2 38.0
1210	兴业银行股份有限公司	兴业银行股份有限公司	2.6 4.1 29.0
1211	中信银行股份有限公司	中信银行股份有限公司	1.4 3.9 16.5
1212	广发银行股份有限公司	广发银行股份有限公司	2.8 5.7 41.0
1205	上海浦东发展银行股份有限公司信用卡中心 上海浦东发展银行股份有限公司信用卡中心
2.1 5.5 59.0
1206	中国银行股份有限公司	中国银行股份有限公司	1.1 3.7 17.0
1207	中国建设银行股份有限公司	中国建设银行股份有限公司	3.1 4.9 45.0
1208	交通银行股份有限公司	交通银行股份有限公司	2.3 6.1 23.5
1209	招商银行股份有限公司	招商银行股份有限公司	1.9 5.2 38.0
1210	兴业银行股份有限公司	兴业银行股份有限公司	2.6 4.1 29.0
1211	中信银行股份有限公司	中信银行股份有限公司	1.4 3.9 16.5
1212	广发银行股份有限公司	广发银行股份有限公司	2.8 5.7 41.0
1205	上海浦东发展银行股份有限公司信用卡中心 上海浦东发展银行股份有限公司信用卡中心
2.1 5.5 59.0
1206	中国银行股份有限公司	中国银行股份有限公司	1.1 3.7 17.0
1207	中国建设银行股份有限公司	中国建设银行股份有限公司	3.1 4.9 45.0
1208	交通银行股份有限公司	交通银行股份有限公司	2.3 6.1 23.5
1209	招商银行股份有限公司	招商银行股份有限公司	1.9 5.2 38.0
1210	兴业银行股份有限公司	兴业银行股份有限公司	2.6 4.1 29.0
1211	中信银行股份有限公司	中信银行股份有限公司	1.4 3.9 16.5
1212	广发银行股份有限公司	广发银行股份有限公司	2.8 5.7 41.0
1205	上海浦东发展银行股份有限公司信用卡中心 上海浦东发展银行股份有限公司信用卡中心
2.1 5.5 59.0
1206	中国银行股份有限公司	中国银行股份有限公司	1.1 3.7 17.0
1207	中国建设银行股份有限公司	中国建设银行股份有限公司	3.1 4.9 45.0
1208	交通银行股份有限公司	交通银行股份有限公司	2.3 6.1 23.5
1209	招商银行股份有限公司	招商银行股份有限公司	1.9 5.2 38.0
1210	兴业银行股份有限公司	兴业银行股份有限公司	2.6 4.1 29.0
1211	中信银行股份有限公司	中信银行股份有限公司	1.4 3.9 16.5
1212	广发银行股份有限公司	广发银行股份有限公司	2.8 5.7 41.0
1205	上海浦东发展银行股份有限公司信用卡中心 上海浦东发展银行股份有限公司信用卡中心
2.1 5.5 59.0
1206	中国银行股份有限公司	中国银行股份有限公司	1.1 3.7 17.0
1207	中国建设银行股份有限公司	中国建设银行股份有限公司	3.1 4.9 45.0
1208	交通银行股份有限公司	交通银行股份有限公司	2.3 6.1 23.5
1209	招商银行股份有限公司	招商银行股份有限公司	1.9 5.2 38.0
1210	兴业银行股份有限公司	兴业银行股份有限公司	2.6 4.1 29.0
1211	中信银行股份有限公司	中信银行股份有限公司	1.4 3.9 16.5
1212	广发银行股份有限公司	广发银行股份有限公司	2.8 5.7 41.0
1205	上海浦东发展银行股份有限公司信用卡中心 上海浦东发展银行股份有限公司信用卡中心
2.1 5.5 59.0
1206	中国银行股份有限公司	中国银行股份有限公司	1.1 3.7 17.0
1207	中国建设银行股份有限公司	中国建设银行股份有限公司	3.1 4.9 45.0
1208	交通银行股份有限公司	交通银行股份有限公司	2.3 6.1 23.5
1209	招商银行股份有限公司	招商银行股份有限公司	1.9 5.2 38.0
1210	兴业银行股份有限公司	兴业银行股份有限公司	2.6 4.1 29.0
1211	中信银行股份有限公司	中信银行股份有限公司	1.4 3.9 16.5
1212	广发银行股份有限公司	广发银行股份有限公司	2.8 5.7 41.0
1205	上海浦东发展银行股份有限公司信用卡中心 上海浦东发展银行股份有限公司信用卡中心
2.1 5.5 59.0
1206	中国银行股份有限公司	中国银行股份有限公司	1.1 3.7 17.0
1207	中国建设银行股份有限公司	中国建设银行股份有限公司	3.1 4.9 45.0
1208	交通银行股份有限公司	交通银行股份有限公司	2.3 6.1 23.5
1209	招商银行股份有限公司	招商银行股份有限公司	1.9 5.2 38.0
1210	兴业银行股份有限公司	兴业银行股份有限公司	2.6 4.1 29.0
1211	中信银行股份有限公司	中信银行股份有限公司	1.4 3.9 16.5
1212	广发银行股份有限公司	广发银行股份有限公司	2.8 5.7 41.0
1205	上海浦东发展银行股份有限公司信用卡中心 上海浦东发展银行股份有限公司信用卡中心
2.1 5.5 59.0
1206	中国银行股份有限公司	中国银行股份有限公司	1.1 3.7 17.0
1207	中国建设银行股份有限公司	中国建设银行股份有限公司	3.1 4.9 45.0
1208	交通银行股份有限公司	交通银行股份有限公司	2.3 6.1 23.5
1209	招商银行股份有限公司	招商银行股份有限公司	1.9 5.2 38.0
1210	兴业银行股份有限公司	兴业银行股份有限公司	2.6 4.1 29.0
1211	中信银行股份有限公司	中信银行股份有限公司	1.4 3.9 16.5
1212	广发银行股份有限公司	广发银行股份有限公司	2.8 5.7 41.0
1205	上海浦东发展银行股份有限公司信用卡中心 上海浦东发展银行股份有限公司信用卡中心
2.1 5.5 59.0
1206	中国银行股份有限公司	中国银行股份有限公司	1.1 3.7 17.0
1207	中国建设银行股份有限公司	中国建设银行股份有限公司	3.1 4.9 45.0
1208	交通银行股份有限公司	交通银行股份有限公司	2.3 6.1 23.5
1209	招商银行股份有限公司	招商银行股份有限公司	1.9 5.2 38.0
1210	兴业银行股份有限公司	兴业银行股份有限公司	2.6 4.1 29.0
1211	中信银行股份有限公司	中信银行股份有限公司	1.4 3.9 16.5
1212	广发银行股份有限公司	广发银行股份有限公司	2.8 5.7 41.0
1205	上海浦东发展银行股份有限公司信用卡中心 上海浦东发展银行股份有限公司信用卡中心
2.1 5.5 59.0
1206	中国银行股份有限公司	中国银行股份有限公司	1.1 3.7 17.0
1207	中国建设银行股份有限公司	中国建设银行股份有限公司	3.1 4.9 45.0
1208	交通银行股份有限公司	交通银行股份有限公司	2.3 6.1 23.5
1209	招商银行股份有限公司	招商银行股份有限公司	1.9 5.2 38.0
1210	兴业银行股份有限公司	兴业银行股份有限公司	2.6 4.1 29.0
1211	中信银行股份有限公司	中信银行股份有限公司	1.4 3.9 16.5
1212	广发银行股份有限公司	广发银行股份有限公司	2.8 5.7 41.0
1205	上海浦东发展银行股份有限公司信用卡中心 上海浦东发展银行股份有限公司信用卡中心
2.1 5.5 59.0
1206	中国银行股份有限公司	中国银行股份有限公司	1.1 3.7 17.0
1207	中国建设银行股份有限公司	中国建设银行股份有限公司	3.1 4.9 45.0
1208	交通银行股份有限公司	交通银行股份有限公司	2.3 6.1 23.5
1209	招商银行股份有限公司	招商银行股份有限公司	1.9 5.2 38.0
1210	兴业银行股份有限公司	兴业银行股份有限公司	2.6 4.1 29.0
1211	中信银行股份有限公司	中信银行股份有限公司	1.4 3.9 16.5
1212	广发银行股份有限公司	广发银行股份有限公司	2.8 5.7 41.0
1205	上海浦东发展银行股份有限公司信用卡中心 上海浦东发展银行股份有限公司信用卡中心
2.1 5.5 59.0
1206	中国银行股份有限公司	中国银行股份有限公司	1.1 3.7 17.0
1207	中国建设银行股份有限公司	中国建设银行股份有限公司	3.1 4.9 45.0
1208	交通银行股份有限公司	交通银行股份有限公司	2.3 6.1 23.5
1209	招商银行股份有限公司	招商银行股份有限公司	1.9 5.2 38.0
1210	兴业银行股份有限公司	兴业银行股份有限公司	2.6 4.1 29.0
1211	中信银行股份有限公司	中信银行股份有限公司	1.4 3.9 16.5
1212	广发银行股份有限公司	广发银行股份有限公司	2.8 5.7 41.0
1205	上海浦东发展银行股份有限公司信用卡中心 上海浦东发展银行股份有限公司信用卡中心
2.1 5.5 59.0
1206	中国银行股份有限公司	中国银行股份有限公司	1.1 3.7 17.0
1207	中国建设银行股份有限公司	中国建设银行股份有限公司	3.1 4.9 45.0
1208	交通银行股份有限公司	交通银行股份有限公司	2.3 6.1 23.5
1209	招商银行股份有限公司	招商银行股份有限公司	1.9 5.2 38.0
1210	兴业银行股份有限公司	兴业银行股份有限公司	2.6 4.1 29.0
1211	中信银行股份有限公司	中信银行股份有限公司	1.4 3.9 16.5
1212	广发银行股份有限公司	广发银行股份有限公司	2.8 5.7 41.0
1205	上海浦东发展银行股份有限公司信用卡中心 上海浦东发展银行股份有限公司信用卡中心
2.1 5.5 59.0
1206	中国银行股份有限公司	中国银行股份有限公司	1.1 3.7 17.0
1207	中国建设银行股份有限公司	中国建设银行股份有限公司	3.1 4.9 45.0
1208	交通银行股份有限公司	交通银行股份有限公司	2.3 6.1 23.5
1209	招商银行股份有限公司	招商银行股份有限公司	1.9 5.2 38.0
1210	兴业银行股份有限公司	兴业银行股份有限公司	2.6 4.1 29.0
1211	中信银行股份有限公司	中信银行股份有限公司	1.4 3.9 16.5
1212	广发银行股份有限公司	广发银行股份有限公司	2.8 5.7 41.0
1205	上海浦东发展银行股份有限公司信用卡中心 上海浦东发展银行股份有限公司信用卡中心
2.1 5.5 59.0
1206	中国银行股份有限公司	中国银行股份有限公司	1.1 3.7 17.0
1207	中国建设银行股份有限公司	中国建设银行股份有限公司	3.1 4.9 45.0
1208	交通银行股份有限公司	交通银行股份有限公司	2.3 6.1 23.5
1209	招商银行股份有限公司	招商银行股份有限公司	1.9 5.2 38.0
1210	兴业银行股份有限公司	兴业银行股份有限公司	2.6 4.1 29.0
1211	中信银行股份有限公司	中信银行股份有限公司	1.4 3.9 16.5
1212	广发银行股份有限公司	广发银行股份有限公司	2.8 5.7 41.0
1205	上海浦东发展银行股份有限公司信用卡中心 上海浦东发展银行股份有限公司信用卡中心
2.1 5.5 59.0
1206	中国银行股份有限公司	中国银行股份有限公司	1.1 3.7 17.0
1207	中国建设银行股份有限公司	中国建设银行股份有限公司	3.1 4.9 45.0
1208	交通银行股份有限公司	交通银行股份有限公司	2.3 6.1 23.5
1209	招商银行股份有限公司	招商银行股份有限公司	1.9 5.2 38.0
1210	兴业银行股份有限公司	兴业银行股份有限公司	2.6 4.1 29.0
1211	中信银行股份有限公司	中信银行股份有限公司	1.4 3.9 16.5
1212	广发银行股份有限公司	广发银行股份有限公司	2.8 5.7 41.0
1205	上海浦东发展银行股份有限公司信用卡中心 上海浦东发展银行股份有限公司信用卡中心
2.1 5.5 59.0
1206	中国银行股份有限公司	中国银行股份有限公司	1.1 3.7 17.0
1207	中国建设银行股份有限公司	中国建设银行股份有限公司	3.1 4.9 45.0
1208	交通银行股份有限公司	交通银行股份有限公司	2.3 6.1 23.5
1209	招商银行股份有限公司	招商银行股份有限公司	1.9 5.2 38.0
1210	兴业银行股份有限公司	兴业银行股份有限公司	2.6 4.1 29.0
1211	中信银行股份有限公司	中信银行股份有限公司	1.4 3.9 16.5
1212	广发银行股份有限公司	广发银行股份有限公司	2.8 5.7 41.0
1205	上海浦东发展银行股份有限公司信用卡中心 上海浦东发展银行股份有限公司信用卡中心
2.1 5.5 59.0
1206	中国银行股份有限公司	中国银行股份有限公司	1.1 3.7 17.0
1207	中国建设银行股份有限公司	中国建设银行股份有限公司	3.1 4.9 45.0
1208	交通银行股份有限公司	交通银行股份有限公司	2.3 6.1 23.5
1209	招商银行股份有限公司	招商银行股份有限公司	1.9 5.2 38.0
1210	兴业银行股份有限公司	兴业银行股份有限公司	2.6 4.1 29.0
1211	中信银行股份有限公司	中信银行股份有限公司	1.4 3.9 16.5
1212	广发银行股份有限公司	广发银行股份有限公司	2.8 5.7 41.0
1205	上海浦东发展银行股份有限公司信用卡中心 上海浦东发展银行股份有限公司信用卡中心
2.1 5.5 59.0
1206	中国银行股份有限公司	中国银行股份有限公司	1.1 3.7 17.0
1207	中国建设银行股份有限公司	中国建设银行股份有限公司	3.1 4.9 45.0
1208	交通银行股份有限公司	交通银行股份有限公司	2.3 6.1 23.5
1209	招商银行股份有限公司	招商银行股份有限公司	1.9 5.2 38.0
1210	兴业银行股份有限公司	兴业银行股份有限公司	2.6 4.1 29.0
1211	中信银行股份有限公司	中信银行股份有限公司	1.4 3.9 16.5
1212	广发银行股份有限公司	广发银行股份有限公司	2.8 5.7 41.0
1205	上海浦东发展银行股份有限公司信用卡中心 上海浦东发展银行股份有限公司信用卡中心
2.1 5.5 59.0
1206	中国银行股份有限公司	中国银行股份有限公司	1.1 3.7 17.0
1207	中国建设银行股份有限公司	中国建设银行股份有限公司	3.1 4.9 45.0
1208	交通银行股份有限公司	交通银行股份有限公司	2.3 6.1 23.5
1209	招商银行股份有限公司	招商银行股份有限公司	1.9 5.2 38.0
1210	兴业银行股份有限公司	兴业银行股份有限公司	2.6 4.1 29.0
1211	中信银行股份有限公司	中信银行股份有限公司	1.4 3.9 16.5
1212	广发银行股份有限公司	广发银行股份有限公司	2.8 5.7 41.0
1205	上海浦东发展银行股份有限公司信用卡中心 上海浦东发展银行股份有限公司信用卡中心
2.1 5.5 59.0
1206	中国银行股份有限公司	中国银行股份有限公司	1.1 3.7 17.0
1207	中国建设银行股份有限公司	中国建设银行股份有限公司	3.1 4.9 45.0
1208	交通银行股份有限公司	交通银行股份有限公司	2.3 6.1 23.5
1209	招商银行股份有限公司	招商银行股份有限公司	1.9 5.2 38.0
1210	兴业银行股份有限公司	兴业银行股份有限公司	2.6 4.1 29.0
1211	中信银行股份有限公司	中信银行股份有限公司	1.4 3.9 16.5
1212	广发银行股份有限公司	广发银行股份有限公司	2.8 5.7 41.0
1205	上海浦东发展银行股份有限公司信用卡中心 上海浦东发展银行股份有限公司信用卡中心
2.1 5.5 59.0
1206	中国银行股份有限公司	中国银行股份有限公司	1.1 3.7 17.0
1207	中国建设银行股份有限公司	中国建设银行股份有限公司	3.1 4.9 45.0
1208	交通银行股份有限公司	交通银行股份有限公司	2.3 6.1 23.5
1209	招商银行股份有限公司	招商银行股份有限公司	1.9 5.2 38.0
1210	兴业银行股份有限公司	兴业银行股份有限公司	2.6 4.1 29.0
1211	中信银行股份有限公司	中信银行股份有限公司	1.4 3.9 16.5
1212	广发银行股份有限公司	广发银行股份有限公司	2.8 5.7 41.0
1205	上海浦东发展银行股份有限公司信用卡中心 上海浦东发展银行股份有限公司信用卡中心
2.1 5.5 59.0
1206	中国银行股份有限公司	中国银行股份有限公司	1.1 3.7 17.0
1207	中国建设银行股份有限公司	中国建设银行股份有限公司	3.1 4.9 45.0
1208	交通银行股份有限公司	交通银行股份有限公司	2.3 6.1 23.5
1209	招商银行股份有限公司	招商银行股份有限公司	1.9 5.2 38.0
1210	兴业银行股份有限公司	兴业银行股份有限公司	2.6 4.1 29.0
1211	中信银行股份有限公司	中信银行股份有限公司	1.4 3.9 16.5
1212	广发银行股份有限公司	广发银行股份有限公司	2.8 5.7 41.0
1205	上海浦东发展银行股份有限公司信用卡中心 上海浦东发展银行股份有限公司信用卡中心
2.1 5.5 59.0
1206	中国银行股份有限公司	中国银行股份有限公司	1.1 3.7 17.0
1207	中国建设银行股份有限公司	中国建设银行股份有限公司	3.1 4.9 45.0
1208	交通银行股份有限公司	交通银行股份有限公司	2.3 6.1 23.5
1209	招商银行股份有限公司	招商银行股份有限公司	1.9 5.2 38.0
1210	兴业银行股份有限公司	兴业银行股份有限公司	2.6 4.1 29.0
1211	中信银行股份有限公司	中信银行股份有限公司	1.4 3.9 16.5
1212	广发银行股份有限公司	广发银行股份有限公司	2.8 5.7 41.0
1205	上海浦东发展银行股份有限公司信用卡中心 上海浦东发展银行股份有限公司信用卡中心
2.1 5.5 59.0
1206	中国银行股份有限公司	中国银行股份有限公司	1.1 3.7 17.0
1207	中国建设银行股份有限公司	中国建设银行股份有限公司	3.1 4.9 45.0
1208	交通银行股份有限公司	交通银行股份有限公司	2.3 6.1 23.5
1209	招商银行股份有限公司	招商银行股份有限公司	1.9 5.2 38.0
1210	兴业银行股份有限公司	兴业银行股份有限公司	2.6 4.1 29.0
1211	中信银行股份有限公司	中信银行股份有限公司	1.4 3.9 16.5
1212	广发银行股份有限公司	广发银行股份有限公司	2.8 5.7 41.0
1205	上海浦东发展银行股份有限公司信用卡中心 上海浦东发展银行股份有限公司信用卡中心
2.1 5.5 59.0
1206	中国银行股份有限公司	中国银行股份有限公司	1.1 3.7 17.0
1207	中国建设银行股份有限公司	中国建设银行股份有限公司	3.1 4.9 45.0
1208	交通银行股份有限公司	交通银行股份有限公司	2.3 6.1 23.5
1209	招商银行股份有限公司	招商银行股份有限公司	1.9 5.2 38.0
1210	兴业银行股份有限公司	兴业银行股份有限公司	2.6 4.1 29.0
1211	中信银行股份有限公司	中信银行股份有限公司	1.4 3.9 16.5
1212	广发银行股份有限公司	广发银行股份有限公司	2.8 5.7 41.0
1205	上海浦东发展银行股份有限公司信用卡中心 上海浦东发展银行股份有限公司信用卡中心
2.1 5.5 59.0
1206	中国银行股份有限公司	中国银行股份有限公司	1.1 3.7 17.0
1207	中国建设银行股份有限公司	中国建设银行股份有限公司	3.1 4.9 45.0
1208	交通银行股份有限公司	交通银行股份有限公司	2.3 6.1 23.5
1209	招商银行股份有限公司	招商银行股份有限公司	1.9 5.2 38.0
1210	兴业银行股份有限公司	兴业银行股份有限公司	2.6 4.1 29.0
1211	中信银行股份有限公司	中信银行股份有限公司	1.4 3.9 16.5
1212	广发银行股份有限公司	广发银行股份有限公司	2.8 5.7 41.0
1205	上海浦东发展银行股份有限公司信用卡中心 上海浦东发展银行股份有限公司信用卡中心
2.1 5.5 59.0
1206	中国银行股份有限公司	中国银行股份有限公司	1.1 3.7 17.0
1207	中国建设银行股份有限公司	中国建设银行股份有限公司	3.1 4.9 45.0
1208	交通银行股份有限公司	交通银行股份有限公司	2.3 6.1 23.5
1209	招商银行股份有限公司	招商银行股份有限公司	1.9 5.2 38.0
1210	兴业银行股份有限公司	兴业银行股份有限公司	2.6 4.1 29.0
1211	中信银行股份有限公司	中信银行股份有限公司	1.4 3.9 16.5
1212	广发银行股份有限公司	广发银行股份有限公司	2.8 5.7 41.0
1205	上海浦东发展银行股份有限公司信用卡中心 上海浦东发展银行股份有限公司信用卡中心
2.1 5.5 59.0
1206	中国银行股份有限公司	中国银行股份有限公司	1.1 3.7 17.0
1207	中国建设银行股份有限公司	中国建设银行股份有限公司	3.1 4.9 45.0
1208	交通银行股份有限公司	交通银行股份有限公司	2.3 6.1 23.5
1209	招商银行股份有限公司	招商银行股份有限公司	1.9 5.2 38.0
1210	兴业银行股份有限公司	兴业银行股份有限公司	2.6 4.1 29.0
1211	中信银行股份有限公司	中信银行股份有限公司	1.4 3.9 16.5
1212	广发银行股份有限公司	广发银行股份有限公司	2.8 5.7 41.0
1205	上海浦东发展银行股份有限公司信用卡中心 上海浦东发展银行股份有限公司信用卡中心
2.1 5.5 59.0
1206	中国银行股份有限公司	中国银行股份有限公司	1.1 3.7 17.0
1207	中国建设银行股份有限公司	中国建设银行股份有限公司	3.1 4.9 45.0
1208	交通银行股份有限公司	交通银行股份有限公司	2.3 6.1 23.5
1209	招商银行股份有限公司	招商银行股份有限公司	1.9 5.2 38.0
1210	兴业银行股份有限公司	兴业银行股份有限公司	2.6 4.1 29.0
1211	中信银行股份有限公司	中信银行股份有限公司	1.4 3.9 16.5
1212	广发银行股份有限公司	广发银行股份有限公司	2.8 5.7 41.0
1205	上海浦东发展银行股份有限公司信用卡中心 上海浦东发展银行股份有限公司信用卡中心
2.1 5.5 59.0
1206	中国银行股份有限公司	中国银行股份有限公司	1.1 3.7 17.0
1207	中国建设银行股份有限公司	中国建设银行股份有限公司	3.1 4.9 45.0
1208	交通银行股份有限公司	交通银行股份有限公司	2.3 6.1 23.5
1209	招商银行股份有限公司	招商银行股份有限公司	1.9 5.2 38.0
1210	兴业银行股份有限公司	兴业银行股份有限公司	2.6 4.1 29.0
1211	中信银行股份有限公司	中信银行股份有限公司	1.4 3.9 16.5
1212	广发银行股份有限公司	广发银行股份有限公司	2.8 5.7 41.0
1205	上海浦东发展银行股份有限公司信用卡中心 上海浦东发展银行股份有限公司信用卡中心
2.1 5.5 59.0
1206	中国银行股份有限公司	中国银行股份有限公司	1.1 3.7 17.0
1207	中国建设银行股份有限公司	中国建设银行股份有限公司	3.1 4.9 45.0
1208	交通银行股份有限公司	交通银行股份有限公司	2.3 6.1 23.5
1209	招商银行股份有限公司	招商银行股份有限公司	1.9 5.2 38.0
1210	兴业银行股份有限公司	兴业银行股份有限公司	2.6 4.1 29.0
1211	中信银行股份有限公司	中信银行股份有限公司	1.4 3.9 16.5
1212	广发银行股份有限公司	广发银行股份有限公司	2.8 5.7 41.0
1205	上海浦东发展银行股份有限公司信用卡中心 上海浦东发展银行股份有限公司信用卡中心
2.1 5.5 59.0
1206	中国银行股份有限公司	中国银行股份有限公司	1.1 3.7 17.0
1207	中国建设银行股份有限公司	中国建设银行股份有限公司	3.1 4.9 45.0
1208	交通银行股份有限公司	交通银行股份有限公司	2.3 6.1 23.5
1209	招商银行股份有限公司	招商银行股份有限公司	1.9 5.2 38.0
1210	兴业银行股份有限公司	兴业银行股份有限公司	2.6 4.1 29.0
1211	中信银行股份有限公司	中信银行股份有限公司	1.4 3.9 16.5
1212	广发银行股份有限公司	广发银行股份有限公司	2.8 5.7 41.0
1205	上海浦东发展银行股份有限公司信用卡中心 上海浦东发展银行股份有限公司信用卡中心
2.1 5.5 59.0
1206	中国银行股份有限公司	中国银行股份有限公司	1.1 3.7 17.0
1207	中国建设银行股份有限公司	中国建设银行股份有限公司	3.1 4.9 45.0
1208	交通银行股份有限公司	交通银行股份有限公司	2.3 6.1 23.5
1209	招商银行股份有限公司	招商银行股份有限公司	1.9 5.2 38.0
1210	兴业银行股份有限公司	兴业银行股份有限公司	2.6 4.1 29.0
1211	中信银行股份有限公司	中信银行股份有限公司	1.4 3.9 16.5
1212	广发银行股份有限公司	广发银行股份有限公司	2.8 5.7 41.0
1205	上海浦东发展银行股份有限公司信用卡中心 上海浦东发展银行股份有限公司信用卡中心
2.1 5.5 59.0
1206	中国银行股份有限公司	中国银行股份有限公司	1.1 3.7 17.0
1207	中国建设银行股份有限公司	中国建设银行股份有限公司	3.1 4.9 45.0
1208	交通银行股份有限公司	交通银行股份有限公司	2.3 6.1 23.5
1209	招商银行股份有限公司	招商银行股份有限公司	1.9 5.2 38.0
1210	兴业银行股份有限公司	兴业银行股份有限公司	2.6 4.1 29.0
1211	中信银行股份有限公司	中信银行股份有限公司	1.4 3.9 16.5
1212	广发银行股份有限公司	广发银行股份有限公司	2.8 5.7 41.0
1205	上海浦东发展银行股份有限公司信用卡中心 上海浦东发展银行股份有限公司信用卡中心
2.1 5.5 59.0
1206	中国银行股份有限公司	中国银行股份有限公司	1.1 3.7 17.0
1207	中国建设银行股份有限公司	中国建设银行股份有限公司	3.1 4.9 45.0
1208	交通银行股份有限公司	交通银行股份有限公司	2.3 6.1 23.5
1209	招商银行股份有限公司	招商银行股份有限公司	1.9 5.2 38.0
1210	兴业银行股份有限公司	兴业银行股份有限公司	2.6 4.1 29.0
1211	中信银行股份有限公司	中信银行股份有限公司	1.4 3.9 16.5
1212	广发银行股份有限公司	广发银行股份有限公司	2.8 5.7 41.0
1205	上海浦东发展银行股份有限公司信用卡中心 上海浦东发展银行股份有限公司信用卡中心
2.1 5.5 59.0
1206	中国银行股份有限公司	中国银行股份有限公司	1.1 3.7 17.0
1207	中国建设银行股份有限公司	中国建设银行股份有限公司	3.1 4.9 45.0
1208	交通银行股份有限公司	交通银行股份有限公司	2.3 6.1 23.5
1209	招商银行股份有限公司	招商银行股份有限公司	1.9 5.2 38.0
1210	兴业银行股份有限公司	兴业银行股份有限公司	2.6 4.1 29.0
1211	中信银行股份有限公司	中信银行股份有限公司	1.4 3.9 16.5
1212	广发银行股份有限公司	广发银行股份有限公司	2.8 5.7 41.0
1205	上海浦东发展银行股份有限公司信用卡中心 上海浦东发展银行股份有限公司信用卡中心
2.1 5.5 59.0
1206	中国银行股份有限公司	中国银行股份有限公司	1.1 3.7 17.0
1207	中国建设银行股份有限公司	中国建设银行股份有限公司	3.1 4.9 45.0
1208	交通银行股份有限公司	交通银行股份有限公司	2.3 6.1 23.5
1209	招商银行股份有限公司	招商银行股份有限公司	1.9 5.2 38.0
1210	兴业银行股份有限公司	兴业银行股份有限公司	2.6 4.1 29.0
1211	中信银行股份有限公司	中信银行股份有限公司	1.4 3.9 16.5
1212	广发银行股份有限公司	广发银行股份有限公司	2.8 5.7 41.0
1205	上海浦东发展银行股份有限公司信用卡中心 上海浦东发展银行股份有限公司信用卡中心
2.1 5.5 59.0
1206	中国银行股份有限公司	中国银行股份有限公司	1.1 3.7 17.0
1207	中国建设银行股份有限公司	中国建设银行股份有限公司	3.1 4.9 45.0
1208	交通银行股份有限公司	交通银行股份有限公司	2.3 6.1 23.5
1209	招商银行股份有限公司	招商银行股份有限公司	1.9 5.2 38.0
1210	兴业银行股份有限公司	兴业银行股份有限公司	2.6 4.1 29.0
1211	中信银行股份有限公司	中信银行股份有限公司	1.4 3.9 16.5
1212	广发银行股份有限公司	广发银行股份有限公司	2.8 5.7 41.0
1205	上海浦东发展银行股份有限公司信用卡中心 上海浦东发展银行股份有限公司信用卡中心
2.1 5.5 59.0
1206	中国银行股份有限公司	中国银行股份有限公司	1.1 3.7 17.0
1207	中国建设银行股份有限公司	中国建设银行股份有限公司	3.1 4.9 45.0
1208	交通银行股份有限公司	交通银行股份有限公司	2.3 6.1 23.5
1209	招商银行股份有限公司	招商银行股份有限公司	1.9 5.2 38.0
1210	兴业银行股份有限公司	兴业银行股份有限公司	2.6 4.1 29.0
1211	中信银行股份有限公司	中信银行股份有限公司	1.4 3.9 16.5
1212	广发银行股份有限公司	广发银行股份有限公司	2.8 5.7 41.0
1205	上海浦东发展银行股份有限公司信用卡中心 上海浦东发展银行股份有限公司信用卡中心
2.1 5.5 59.0
1206	中国银行股份有限公司	中国银行股份有限公司	1.1 3.7 17.0
1207	中国建设银行股份有限公司	中国建设银行股份有限公司	3.1 4.9 45.0
1208	交通银行股份有限公司	交通银行股份有限公司	2.3 6.1 23.5
1209	招商银行股份有限公司	招商银行股份有限公司	1.9 5.2 38.0
1210	兴业银行股份有限公司	兴业银行股份有限公司	2.6 4.1 29.0
1211	中信银行股份有限公司	中信银行股份有限公司	1.4 3.9 16.5
1212	广发银行股份有限公司	广发银行股份有限公司	2.8 5.7 41.0
1205	上海浦东发展银行股份有限公司信用卡中心 上海浦东发展银行股份有限公司信用卡中心
2.1 5.5 59.0
1206	中国银行股份有限公司	中国银行股份有限公司	1.1 3.7 17.0
1207	中国建设银行股份有限公司	中国建设银行股份有限公司	3.1 4.9 45.0
1208	交通银行股份有限公司	交通银行股份有限公司	2.3 6.1 23.5
1209	招商银行股份有限公司	招商银行股份有限公司	1.9 5.2 38.0
1210	兴业银行股份有限公司	兴业银行股份有限公司	2.6 4.1 29.0
1211	中信银行股份有限公司	中信银行股份有限公司	1.4 3.9 16.5
1212	广发银行股份有限公司	广发银行股份有限公司	2.8 5.7 41.0
1205	上海浦东发展银行股份有限公司信用卡中心 上海浦东发展银行股份有限公司信用卡中心
2.1 5.5 59.0
1206	中国银行股份有限公司	中国银行股份有限公司	1.1 3.7 17.0
1207	中国建设银行股份有限公司	中国建设银行股份有限公司	3.1 4.9 45.0
1208	交通银行股份有限公司	交通银行股份有限公司	2.3 6.1 23.5
1209	招商银行股份有限公司	招商银行股份有限公司	1.9 5.2 38.0
1210	兴业银行股份有限公司	兴业银行股份有限公司	2.6 4.1 29.0
1211	中信银行股份有限公司	中信银行股份有限公司	1.4 3.9 16.5
（下转A51版）
